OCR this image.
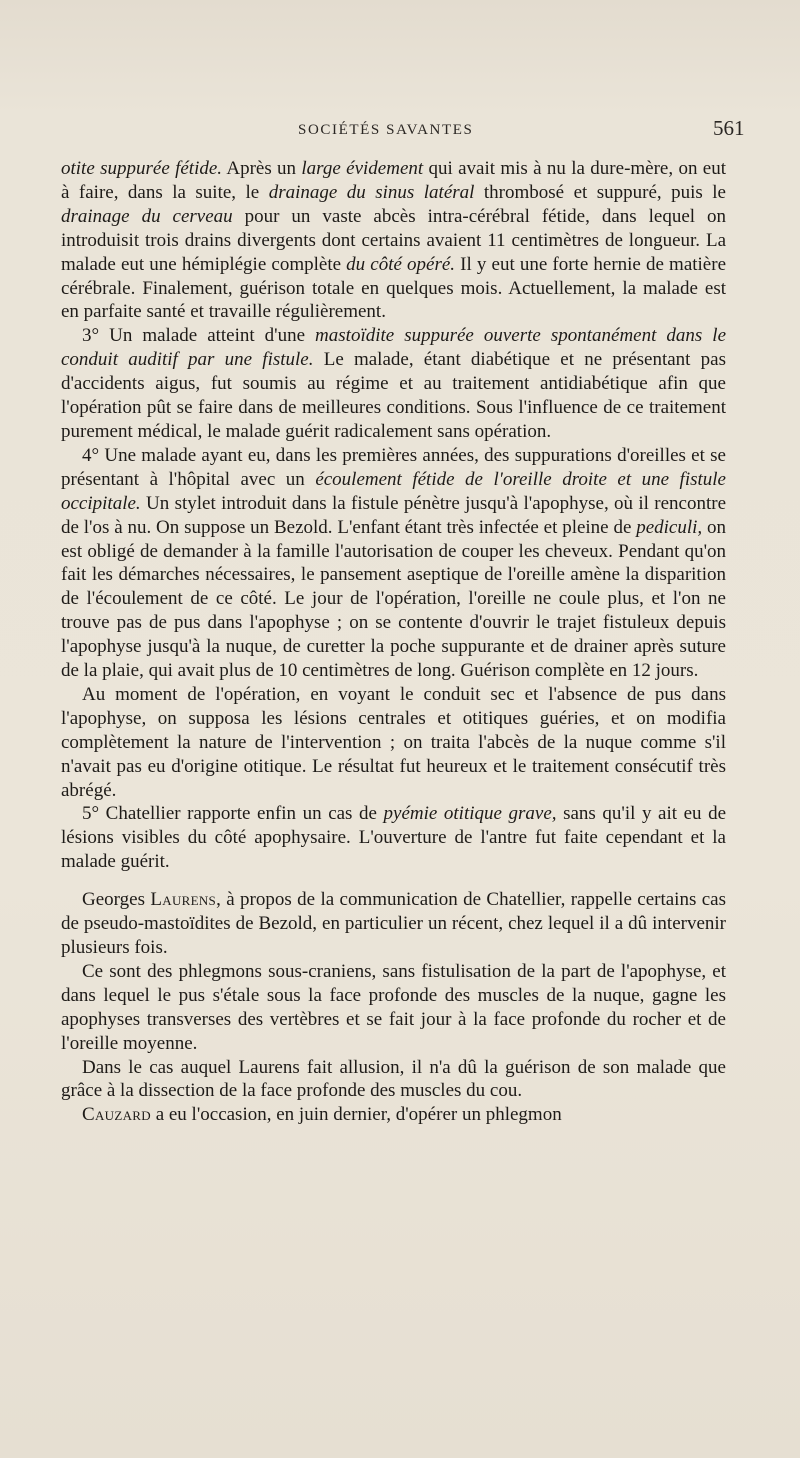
SOCIÉTÉS SAVANTES	561

otite suppurée fétide. Après un large évidement qui avait mis à nu la dure-mère, on eut à faire, dans la suite, le drainage du sinus latéral thrombosé et suppuré, puis le drainage du cerveau pour un vaste abcès intra-cérébral fétide, dans lequel on introduisit trois drains divergents dont certains avaient 11 centimètres de longueur. La malade eut une hémiplégie complète du côté opéré. Il y eut une forte hernie de matière cérébrale. Finalement, guérison totale en quelques mois. Actuellement, la malade est en parfaite santé et travaille régulièrement.

3° Un malade atteint d'une mastoïdite suppurée ouverte spontanément dans le conduit auditif par une fistule. Le malade, étant diabétique et ne présentant pas d'accidents aigus, fut soumis au régime et au traitement antidiabétique afin que l'opération pût se faire dans de meilleures conditions. Sous l'influence de ce traitement purement médical, le malade guérit radicalement sans opération.

4° Une malade ayant eu, dans les premières années, des suppurations d'oreilles et se présentant à l'hôpital avec un écoulement fétide de l'oreille droite et une fistule occipitale. Un stylet introduit dans la fistule pénètre jusqu'à l'apophyse, où il rencontre de l'os à nu. On suppose un Bezold. L'enfant étant très infectée et pleine de pediculi, on est obligé de demander à la famille l'autorisation de couper les cheveux. Pendant qu'on fait les démarches nécessaires, le pansement aseptique de l'oreille amène la disparition de l'écoulement de ce côté. Le jour de l'opération, l'oreille ne coule plus, et l'on ne trouve pas de pus dans l'apophyse ; on se contente d'ouvrir le trajet fistuleux depuis l'apophyse jusqu'à la nuque, de curetter la poche suppurante et de drainer après suture de la plaie, qui avait plus de 10 centimètres de long. Guérison complète en 12 jours.

Au moment de l'opération, en voyant le conduit sec et l'absence de pus dans l'apophyse, on supposa les lésions centrales et otitiques guéries, et on modifia complètement la nature de l'intervention ; on traita l'abcès de la nuque comme s'il n'avait pas eu d'origine otitique. Le résultat fut heureux et le traitement consécutif très abrégé.

5° Chatellier rapporte enfin un cas de pyémie otitique grave, sans qu'il y ait eu de lésions visibles du côté apophysaire. L'ouverture de l'antre fut faite cependant et la malade guérit.

Georges Laurens, à propos de la communication de Chatellier, rappelle certains cas de pseudo-mastoïdites de Bezold, en particulier un récent, chez lequel il a dû intervenir plusieurs fois.

Ce sont des phlegmons sous-craniens, sans fistulisation de la part de l'apophyse, et dans lequel le pus s'étale sous la face profonde des muscles de la nuque, gagne les apophyses transverses des vertèbres et se fait jour à la face profonde du rocher et de l'oreille moyenne.

Dans le cas auquel Laurens fait allusion, il n'a dû la guérison de son malade que grâce à la dissection de la face profonde des muscles du cou.

Cauzard a eu l'occasion, en juin dernier, d'opérer un phlegmon
